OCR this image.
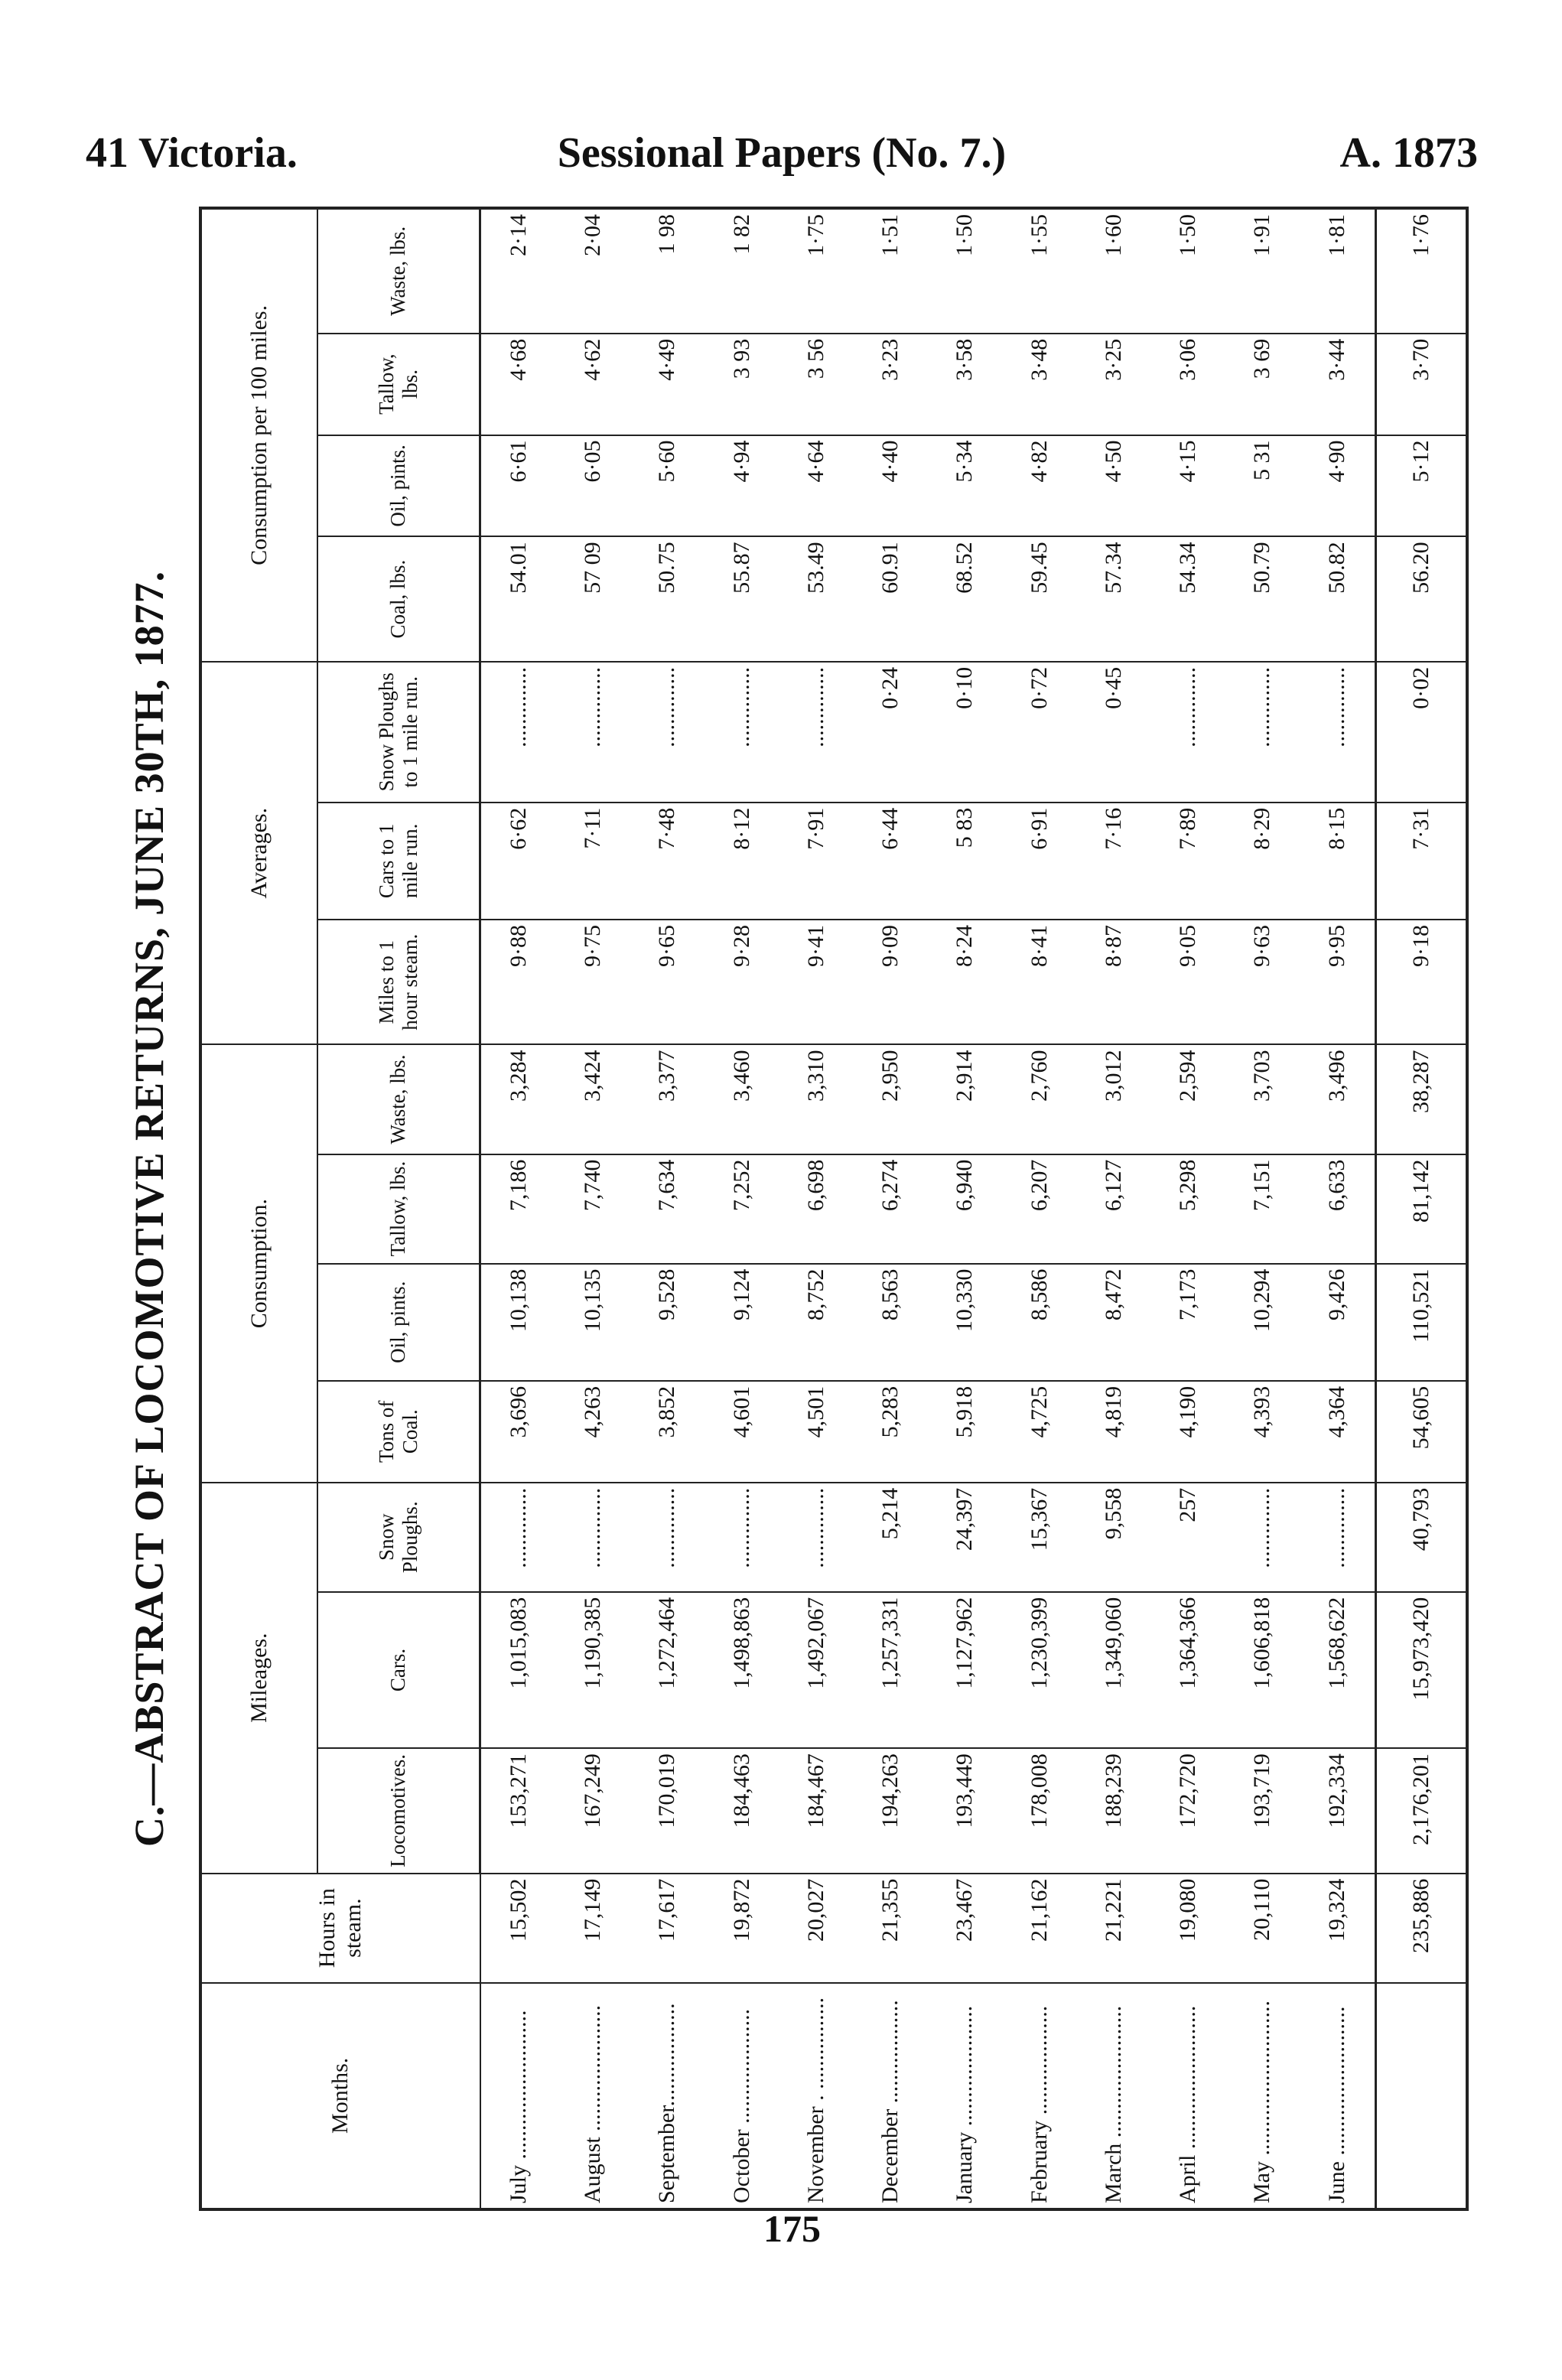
41 Victoria.	Sessional Papers (No. 7.)	A. 1873
C.—ABSTRACT OF LOCOMOTIVE RETURNS, JUNE 30TH, 1877.
Months.	Hours in steam.	Mileages.			Consumption.				Averages.			Consumption per 100 miles.			
		Locomotives.	Cars.	Snow Ploughs.	Tons of Coal.	Oil, pints.	Tallow, lbs.	Waste, lbs.	Miles to 1 hour steam.	Cars to 1 mile run.	Snow Ploughs to 1 mile run.	Coal, lbs.	Oil, pints.	Tallow, lbs.	Waste, lbs.
July ..........................	15,502	153,271	1,015,083	..............	3,696	10,138	7,186	3,284	9·88	6·62	..............	54.01	6·61	4·68	2·14
August ......................	17,149	167,249	1,190,385	..............	4,263	10,135	7,740	3,424	9·75	7·11	..............	57 09	6·05	4·62	2·04
September..................	17,617	170,019	1,272,464	..............	3,852	9,528	7,634	3,377	9·65	7·48	..............	50.75	5·60	4·49	1 98
October ....................	19,872	184,463	1,498,863	..............	4,601	9,124	7,252	3,460	9·28	8·12	..............	55.87	4·94	3 93	1 82
November . ................	20,027	184,467	1,492,067	..............	4,501	8,752	6,698	3,310	9·41	7·91	..............	53.49	4·64	3 56	1·75
December ..................	21,355	194,263	1,257,331	5,214	5,283	8,563	6,274	2,950	9·09	6·44	0·24	60.91	4·40	3·23	1·51
January .....................	23,467	193,449	1,127,962	24,397	5,918	10,330	6,940	2,914	8·24	5 83	0·10	68.52	5·34	3·58	1·50
February ...................	21,162	178,008	1,230,399	15,367	4,725	8,586	6,207	2,760	8·41	6·91	0·72	59.45	4·82	3·48	1·55
March .......................	21,221	188,239	1,349,060	9,558	4,819	8,472	6,127	3,012	8·87	7·16	0·45	57.34	4·50	3·25	1·60
April .........................	19,080	172,720	1,364,366	257	4,190	7,173	5,298	2,594	9·05	7·89	..............	54.34	4·15	3·06	1·50
May ...........................	20,110	193,719	1,606,818	..............	4,393	10,294	7,151	3,703	9·63	8·29	..............	50.79	5 31	3 69	1·91
June ..........................	19,324	192,334	1,568,622	..............	4,364	9,426	6,633	3,496	9·95	8·15	..............	50.82	4·90	3·44	1·81
	235,886	2,176,201	15,973,420	40,793	54,605	110,521	81,142	38,287	9·18	7·31	0·02	56.20	5·12	3·70	1·76
175
